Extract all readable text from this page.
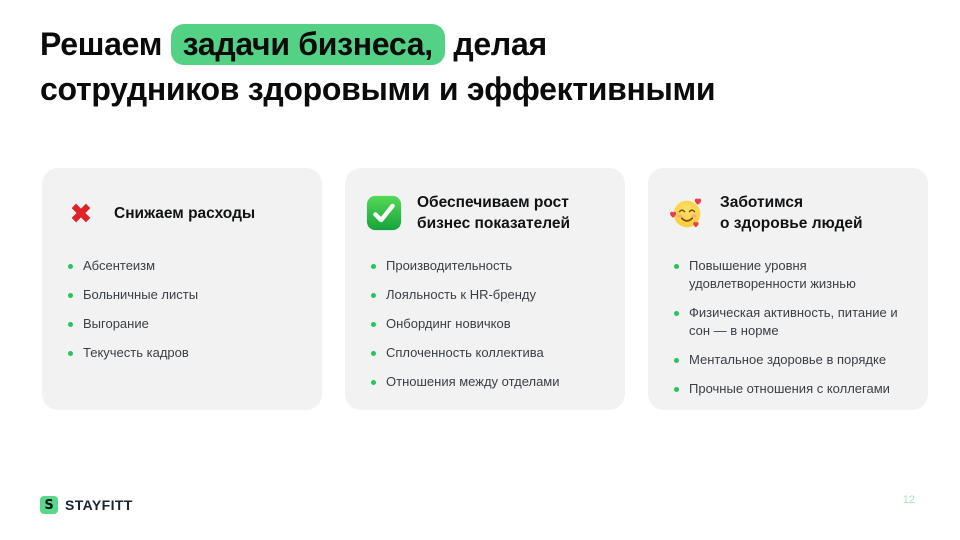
Решаем задачи бизнеса, делая
сотрудников здоровыми и эффективными
Снижаем расходы
Абсентеизм
Больничные листы
Выгорание
Текучесть кадров
Обеспечиваем рост
бизнес показателей
Производительность
Лояльность к HR-бренду
Онбординг новичков
Сплоченность коллектива
Отношения между отделами
Заботимся
о здоровье людей
Повышение уровня удовлетворенности жизнью
Физическая активность, питание и сон — в норме
Ментальное здоровье в порядке
Прочные отношения с коллегами
S STAYFITT	12
